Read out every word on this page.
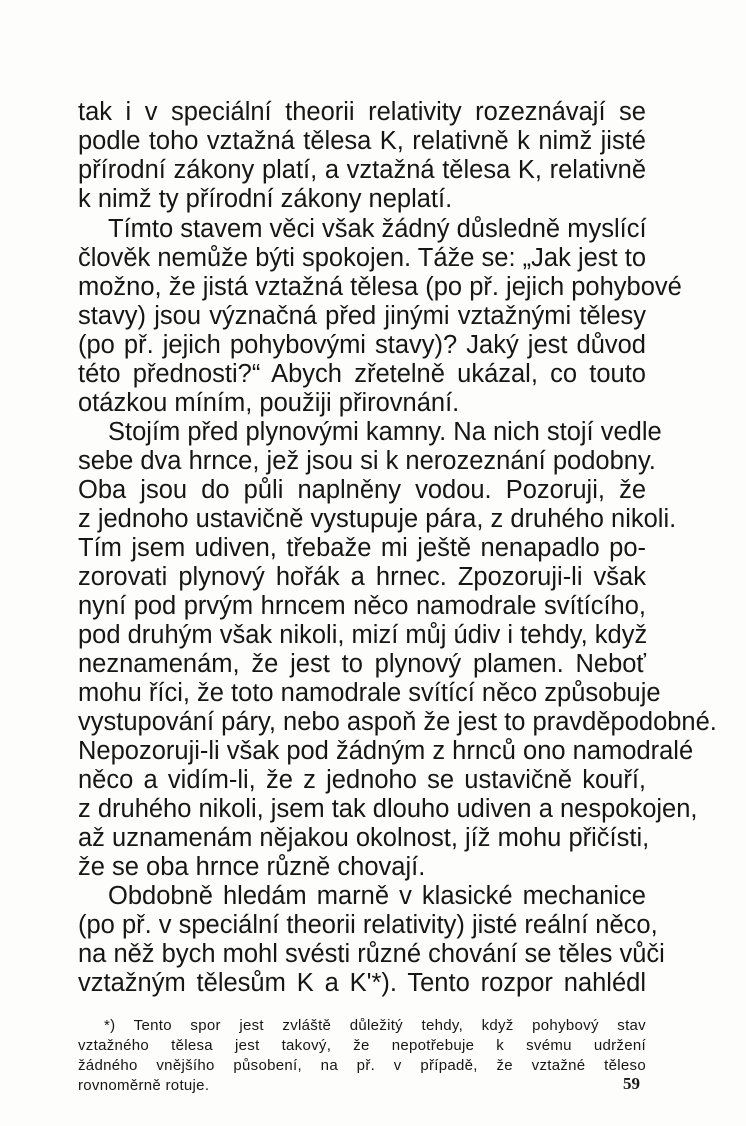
tak i v speciální theorii relativity rozeznávají se
podle toho vztažná tělesa K, relativně k nimž jisté
přírodní zákony platí, a vztažná tělesa K, relativně
k nimž ty přírodní zákony neplatí.
Tímto stavem věci však žádný důsledně myslící
člověk nemůže býti spokojen. Táže se: „Jak jest to
možno, že jistá vztažná tělesa (po př. jejich pohybové
stavy) jsou význačná před jinými vztažnými tělesy
(po př. jejich pohybovými stavy)? Jaký jest důvod
této přednosti?“ Abych zřetelně ukázal, co touto
otázkou míním, použiji přirovnání.
Stojím před plynovými kamny. Na nich stojí vedle
sebe dva hrnce, jež jsou si k nerozeznání podobny.
Oba jsou do půli naplněny vodou. Pozoruji, že
z jednoho ustavičně vystupuje pára, z druhého nikoli.
Tím jsem udiven, třebaže mi ještě nenapadlo po-
zorovati plynový hořák a hrnec. Zpozoruji-li však
nyní pod prvým hrncem něco namodrale svítícího,
pod druhým však nikoli, mizí můj údiv i tehdy, když
neznamenám, že jest to plynový plamen. Neboť
mohu říci, že toto namodrale svítící něco způsobuje
vystupování páry, nebo aspoň že jest to pravděpodobné.
Nepozoruji-li však pod žádným z hrnců ono namodralé
něco a vidím-li, že z jednoho se ustavičně kouří,
z druhého nikoli, jsem tak dlouho udiven a nespokojen,
až uznamenám nějakou okolnost, jíž mohu přičísti,
že se oba hrnce různě chovají.
Obdobně hledám marně v klasické mechanice
(po př. v speciální theorii relativity) jisté reální něco,
na něž bych mohl svésti různé chování se těles vůči
vztažným tělesům K a K'*). Tento rozpor nahlédl
*) Tento spor jest zvláště důležitý tehdy, když pohybový stav
vztažného tělesa jest takový, že nepotřebuje k svému udržení
žádného vnějšího působení, na př. v případě, že vztažné těleso
rovnoměrně rotuje.	59
